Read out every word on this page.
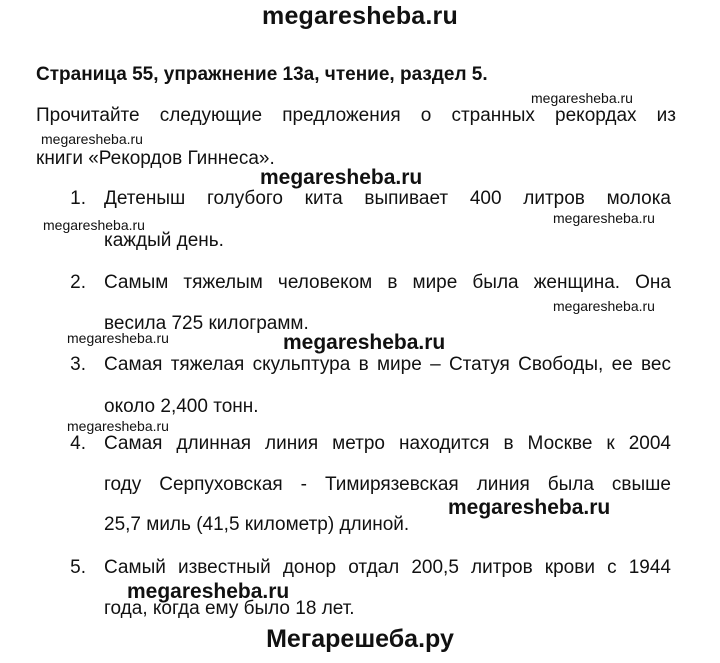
megaresheba.ru
Страница 55, упражнение 13а, чтение, раздел 5.
Прочитайте следующие предложения о странных рекордах из
книги «Рекордов Гиннеса».
1. Детеныш голубого кита выпивает 400 литров молока
каждый день.
2. Самым тяжелым человеком в мире была женщина. Она
весила 725 килограмм.
3. Самая тяжелая скульптура в мире – Статуя Свободы, ее вес
около 2,400 тонн.
4. Самая длинная линия метро находится в Москве к 2004
году Серпуховская - Тимирязевская линия была свыше
25,7 миль (41,5 километр) длиной.
5. Самый известный донор отдал 200,5 литров крови с 1944
года, когда ему было 18 лет.
megaresheba.ru
megaresheba.ru
megaresheba.ru	megaresheba.ru
megaresheba.ru
megaresheba.ru
megaresheba.ru
megaresheba.ru
megaresheba.ru
megaresheba.ru
megaresheba.ru
Мегарешеба.ру
